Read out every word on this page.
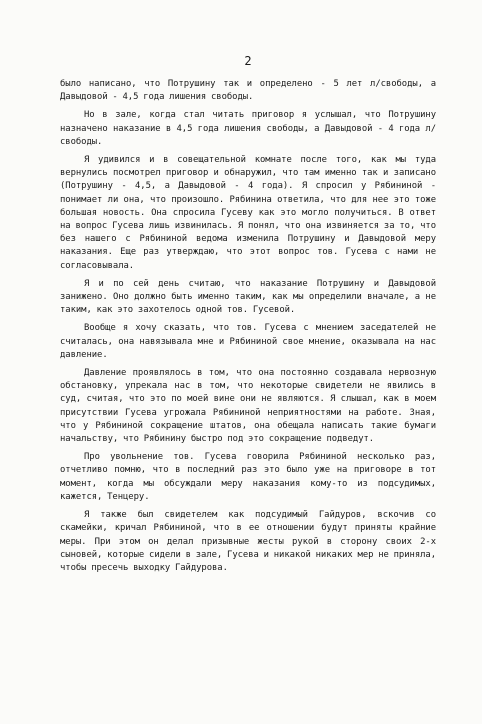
2

было написано, что Потрушину так и определено - 5 лет л/свободы, а Давыдовой - 4,5 года лишения свободы.

Но в зале, когда стал читать приговор я услышал, что Потрушину назначено наказание в 4,5 года лишения свободы, а Давыдовой - 4 года л/свободы.

Я удивился и в совещательной комнате после того, как мы туда вернулись посмотрел приговор и обнаружил, что там именно так и записано (Потрушину - 4,5, а Давыдовой - 4 года). Я спросил у Рябининой - понимает ли она, что произошло. Рябинина ответила, что для нее это тоже большая новость. Она спросила Гусеву как это могло получиться. В ответ на вопрос Гусева лишь извинилась. Я понял, что она извиняется за то, что без нашего с Рябининой ведома изменила Потрушину и Давыдовой меру наказания. Еще раз утверждаю, что этот вопрос тов. Гусева с нами не согласовывала.

Я и по сей день считаю, что наказание Потрушину и Давыдовой занижено. Оно должно быть именно таким, как мы определили вначале, а не таким, как это захотелось одной тов. Гусевой.

Вообще я хочу сказать, что тов. Гусева с мнением заседателей не считалась, она навязывала мне и Рябининой свое мнение, оказывала на нас давление.

Давление проявлялось в том, что она постоянно создавала нервозную обстановку, упрекала нас в том, что некоторые свидетели не явились в суд, считая, что это по моей вине они не являются. Я слышал, как в моем присутствии Гусева угрожала Рябининой неприятностями на работе. Зная, что у Рябининой сокращение штатов, она обещала написать такие бумаги начальству, что Рябинину быстро под это сокращение подведут.

Про увольнение тов. Гусева говорила Рябининой несколько раз, отчетливо помню, что в последний раз это было уже на приговоре в тот момент, когда мы обсуждали меру наказания кому-то из подсудимых, кажется, Тенцеру.

Я также был свидетелем как подсудимый Гайдуров, вскочив со скамейки, кричал Рябининой, что в ее отношении будут приняты крайние меры. При этом он делал призывные жесты рукой в сторону своих 2-х сыновей, которые сидели в зале, Гусева и никакой никаких мер не приняла, чтобы пресечь выходку Гайдурова.
